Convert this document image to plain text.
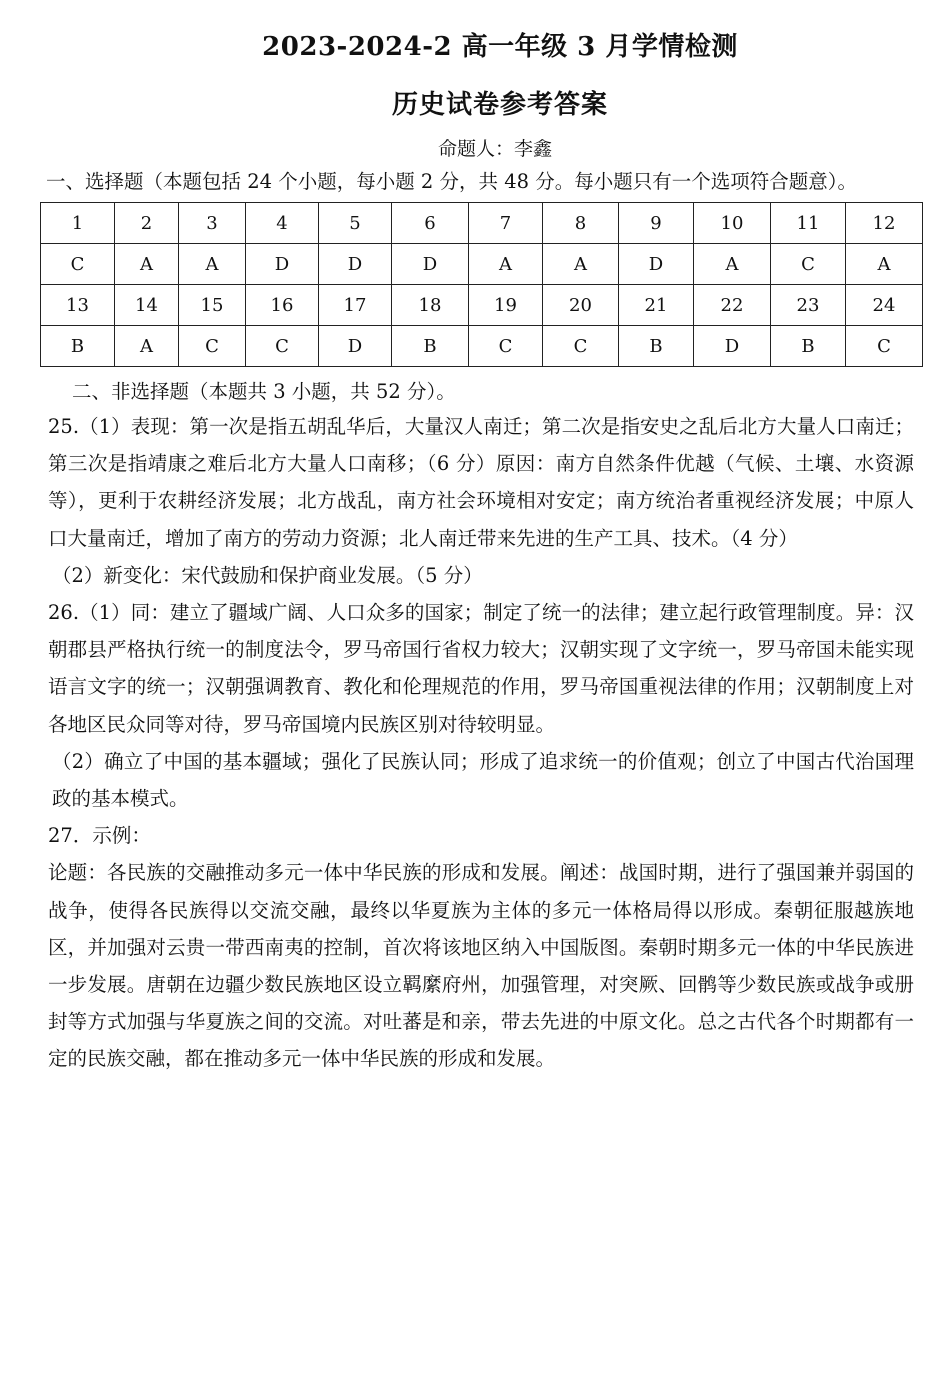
2023-2024-2 高一年级 3 月学情检测
历史试卷参考答案
命题人：李鑫
一、选择题（本题包括 24 个小题，每小题 2 分，共 48 分。每小题只有一个选项符合题意）。
1	2	3	4	5	6	7	8	9	10	11	12
C	A	A	D	D	D	A	A	D	A	C	A
13	14	15	16	17	18	19	20	21	22	23	24
B	A	C	C	D	B	C	C	B	D	B	C
二、非选择题（本题共 3 小题，共 52 分）。

25.（1）表现：第一次是指五胡乱华后，大量汉人南迁；第二次是指安史之乱后北方大量人口南迁；第三次是指靖康之难后北方大量人口南移；（6 分）原因：南方自然条件优越（气候、土壤、水资源等），更利于农耕经济发展；北方战乱，南方社会环境相对安定；南方统治者重视经济发展；中原人口大量南迁，增加了南方的劳动力资源；北人南迁带来先进的生产工具、技术。（4 分）

（2）新变化：宋代鼓励和保护商业发展。（5 分）

26.（1）同：建立了疆域广阔、人口众多的国家；制定了统一的法律；建立起行政管理制度。异：汉朝郡县严格执行统一的制度法令，罗马帝国行省权力较大；汉朝实现了文字统一，罗马帝国未能实现语言文字的统一；汉朝强调教育、教化和伦理规范的作用，罗马帝国重视法律的作用；汉朝制度上对各地区民众同等对待，罗马帝国境内民族区别对待较明显。

（2）确立了中国的基本疆域；强化了民族认同；形成了追求统一的价值观；创立了中国古代治国理政的基本模式。

27．示例：

论题：各民族的交融推动多元一体中华民族的形成和发展。阐述：战国时期，进行了强国兼并弱国的战争，使得各民族得以交流交融，最终以华夏族为主体的多元一体格局得以形成。秦朝征服越族地区，并加强对云贵一带西南夷的控制，首次将该地区纳入中国版图。秦朝时期多元一体的中华民族进一步发展。唐朝在边疆少数民族地区设立羁縻府州，加强管理，对突厥、回鹘等少数民族或战争或册封等方式加强与华夏族之间的交流。对吐蕃是和亲，带去先进的中原文化。总之古代各个时期都有一定的民族交融，都在推动多元一体中华民族的形成和发展。
